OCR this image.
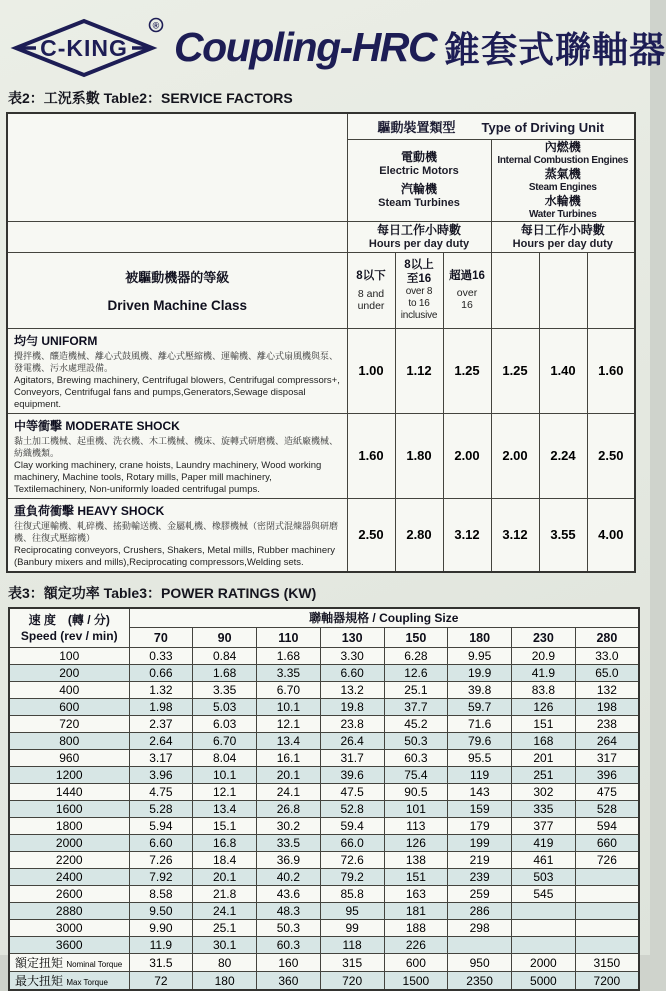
C-KING
® Coupling-HRC 錐套式聯軸器
表2：工況系數 Table2：SERVICE FACTORS
	驅動裝置類型 Type of Driving Unit					

電動機
Electric Motors
汽輪機
Steam Turbines

內燃機
Internal Combustion Engines
蒸氣機
Steam Engines
水輪機
Water Turbines

每日工作小時數
Hours per day duty

每日工作小時數
Hours per day duty

被驅動機器的等級
Driven Machine Class

8以下
8 and
under

8以上
至16
over 8
to 16
inclusive

超過16
over
16

均勻 UNIFORM
攪拌機、釀造機械、離心式鼓風機、離心式壓縮機、運輸機、離心式扇風機與泵、發電機、污水處理設備。
Agitators, Brewing machinery, Centrifugal blowers, Centrifugal compressors+, Conveyors, Centrifugal fans and pumps,Generators,Sewage disposal equipment.	1.00	1.12	1.25	1.25	1.40	1.60

中等衝擊 MODERATE SHOCK
黏土加工機械、起重機、洗衣機、木工機械、機床、旋轉式研磨機、造紙廠機械、紡織機類。
Clay working machinery, crane hoists, Laundry machinery, Wood working machinery, Machine tools, Rotary mills, Paper mill machinery, Textilemachinery, Non-uniformly loaded centrifugal pumps.	1.60	1.80	2.00	2.00	2.24	2.50

重負荷衝擊 HEAVY SHOCK
往復式運輸機、軋碎機、搖動輸送機、金屬軋機、橡膠機械（密閉式混煉器與研磨機、往復式壓縮機）
Reciprocating conveyors, Crushers, Shakers, Metal mills, Rubber machinery (Banbury mixers and mills),Reciprocating compressors,Welding sets.	2.50	2.80	3.12	3.12	3.55	4.00
表3：額定功率 Table3：POWER RATINGS (KW)
速 度　(轉 / 分)
Speed (rev / min)	聯軸器規格 / Coupling Size							
	70	90	110	130	150	180	230	280
100	0.33	0.84	1.68	3.30	6.28	9.95	20.9	33.0
200	0.66	1.68	3.35	6.60	12.6	19.9	41.9	65.0
400	1.32	3.35	6.70	13.2	25.1	39.8	83.8	132
600	1.98	5.03	10.1	19.8	37.7	59.7	126	198
720	2.37	6.03	12.1	23.8	45.2	71.6	151	238
800	2.64	6.70	13.4	26.4	50.3	79.6	168	264
960	3.17	8.04	16.1	31.7	60.3	95.5	201	317
1200	3.96	10.1	20.1	39.6	75.4	119	251	396
1440	4.75	12.1	24.1	47.5	90.5	143	302	475
1600	5.28	13.4	26.8	52.8	101	159	335	528
1800	5.94	15.1	30.2	59.4	113	179	377	594
2000	6.60	16.8	33.5	66.0	126	199	419	660
2200	7.26	18.4	36.9	72.6	138	219	461	726
2400	7.92	20.1	40.2	79.2	151	239	503	
2600	8.58	21.8	43.6	85.8	163	259	545	
2880	9.50	24.1	48.3	95	181	286		
3000	9.90	25.1	50.3	99	188	298		
3600	11.9	30.1	60.3	118	226			
額定扭矩 Nominal Torque	31.5	80	160	315	600	950	2000	3150
最大扭矩 Max Torque	72	180	360	720	1500	2350	5000	7200
